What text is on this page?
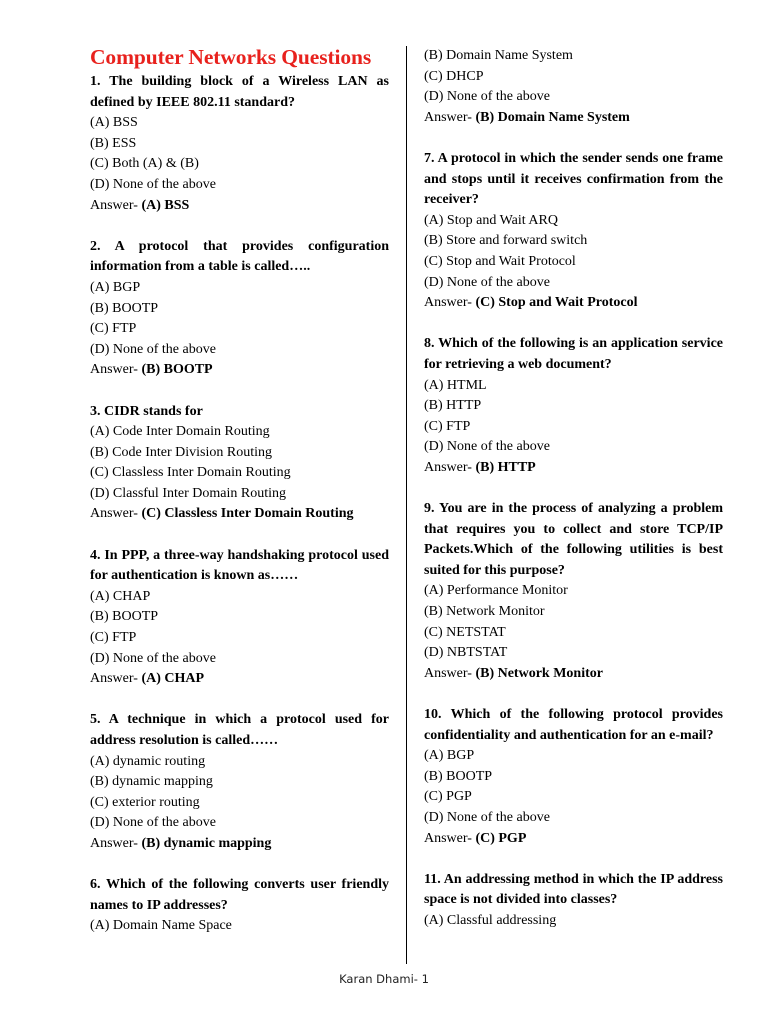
Computer Networks Questions
1. The building block of a Wireless LAN as defined by IEEE 802.11 standard?
(A) BSS
(B) ESS
(C) Both (A) & (B)
(D) None of the above
Answer- (A) BSS
2. A protocol that provides configuration information from a table is called…..
(A) BGP
(B) BOOTP
(C) FTP
(D) None of the above
Answer- (B) BOOTP
3. CIDR stands for
(A) Code Inter Domain Routing
(B) Code Inter Division Routing
(C) Classless Inter Domain Routing
(D) Classful Inter Domain Routing
Answer- (C) Classless Inter Domain Routing
4. In PPP, a three-way handshaking protocol used for authentication is known as……
(A) CHAP
(B) BOOTP
(C) FTP
(D) None of the above
Answer- (A) CHAP
5. A technique in which a protocol used for address resolution is called……
(A) dynamic routing
(B) dynamic mapping
(C) exterior routing
(D) None of the above
Answer- (B) dynamic mapping
6. Which of the following converts user friendly names to IP addresses?
(A) Domain Name Space
(B) Domain Name System
(C) DHCP
(D) None of the above
Answer- (B) Domain Name System
7. A protocol in which the sender sends one frame and stops until it receives confirmation from the receiver?
(A) Stop and Wait ARQ
(B) Store and forward switch
(C) Stop and Wait Protocol
(D) None of the above
Answer- (C) Stop and Wait Protocol
8. Which of the following is an application service for retrieving a web document?
(A) HTML
(B) HTTP
(C) FTP
(D) None of the above
Answer- (B) HTTP
9. You are in the process of analyzing a problem that requires you to collect and store TCP/IP Packets.Which of the following utilities is best suited for this purpose?
(A) Performance Monitor
(B) Network Monitor
(C) NETSTAT
(D) NBTSTAT
Answer- (B) Network Monitor
10. Which of the following protocol provides confidentiality and authentication for an e-mail?
(A) BGP
(B) BOOTP
(C) PGP
(D) None of the above
Answer- (C) PGP
11. An addressing method in which the IP address space is not divided into classes?
(A) Classful addressing
Karan Dhami- 1
